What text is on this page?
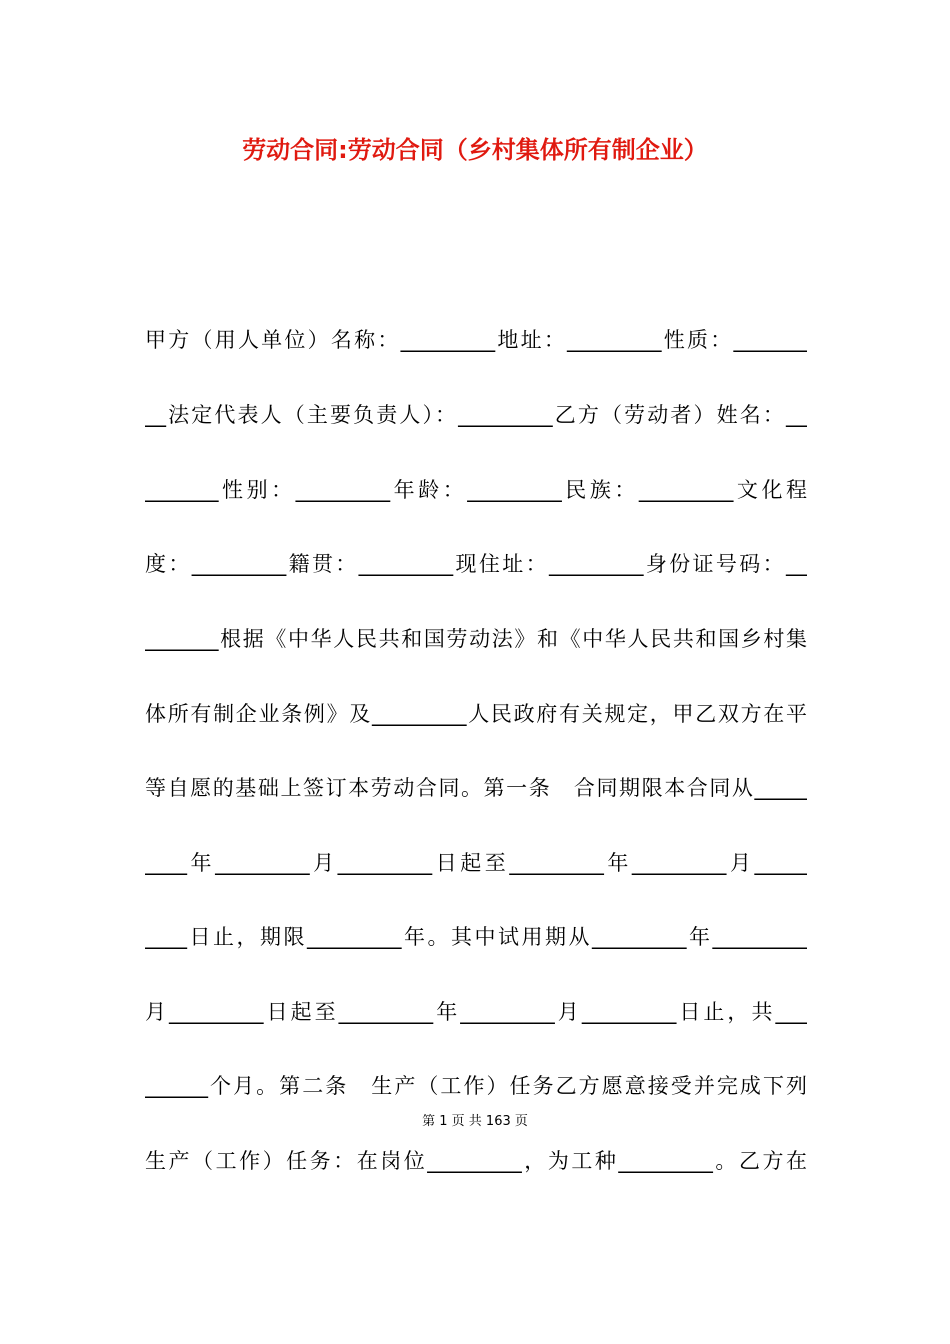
劳动合同:劳动合同（乡村集体所有制企业）
甲方（用人单位）名称：_________地址：_________性质：_______
__法定代表人（主要负责人）：_________乙方（劳动者）姓名：__
_______性别：_________年龄：_________民族：_________文化程
度：_________籍贯：_________现住址：_________身份证号码：__
_______根据《中华人民共和国劳动法》和《中华人民共和国乡村集
体所有制企业条例》及_________人民政府有关规定，甲乙双方在平
等自愿的基础上签订本劳动合同。第一条　合同期限本合同从_____
____年_________月_________日起至_________年_________月_____
____日止，期限_________年。其中试用期从_________年_________
月_________日起至_________年_________月_________日止，共___
______个月。第二条　生产（工作）任务乙方愿意接受并完成下列
生产（工作）任务：在岗位_________，为工种_________。乙方在
第 1 页 共 163 页
